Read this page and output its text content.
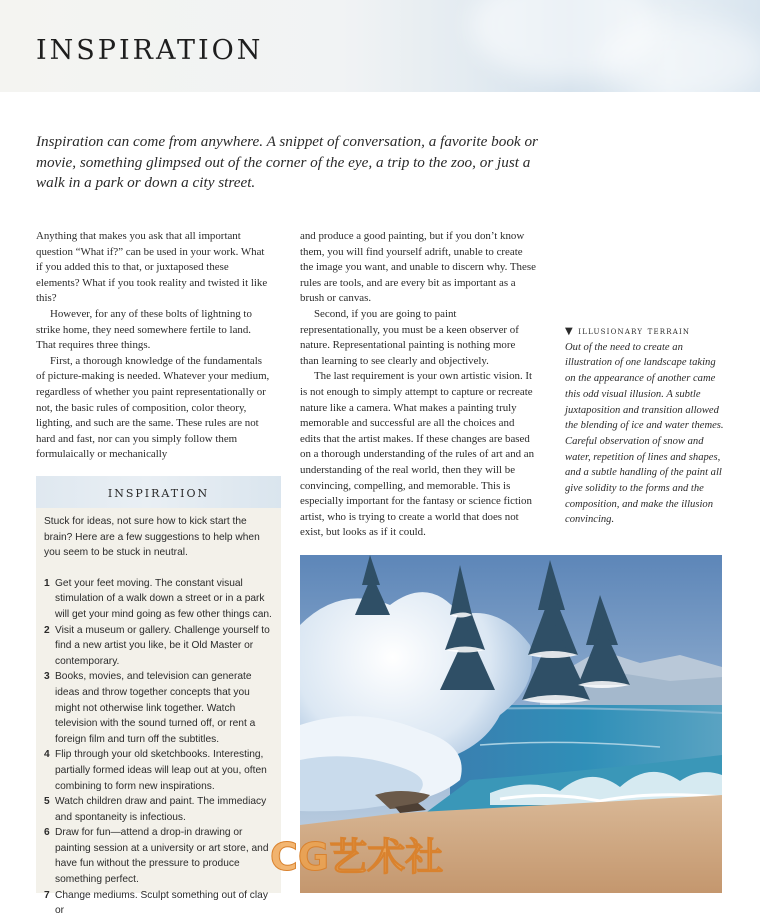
inspiration

Inspiration can come from anywhere. A snippet of conversation, a favorite book or movie, something glimpsed out of the corner of the eye, a trip to the zoo, or just a walk in a park or down a city street.

Anything that makes you ask that all important question “What if?” can be used in your work. What if you added this to that, or juxtaposed these elements? What if you took reality and twisted it like this?

However, for any of these bolts of lightning to strike home, they need somewhere fertile to land. That requires three things.

First, a thorough knowledge of the fundamentals of picture-making is needed. Whatever your medium, regardless of whether you paint representationally or not, the basic rules of composition, color theory, lighting, and such are the same. These rules are not hard and fast, nor can you simply follow them formulaically or mechanically

and produce a good painting, but if you don’t know them, you will find yourself adrift, unable to create the image you want, and unable to discern why. These rules are tools, and are every bit as important as a brush or canvas.

Second, if you are going to paint representationally, you must be a keen observer of nature. Representational painting is nothing more than learning to see clearly and objectively.

The last requirement is your own artistic vision. It is not enough to simply attempt to capture or recreate nature like a camera. What makes a painting truly memorable and successful are all the choices and edits that the artist makes. If these changes are based on a thorough understanding of the rules of art and an understanding of the real world, then they will be convincing, compelling, and memorable. This is especially important for the fantasy or science fiction artist, who is trying to create a world that does not exist, but looks as if it could.

inspiration

Stuck for ideas, not sure how to kick start the brain? Here are a few suggestions to help when you seem to be stuck in neutral.

1 Get your feet moving. The constant visual stimulation of a walk down a street or in a park will get your mind going as few other things can.
2 Visit a museum or gallery. Challenge yourself to find a new artist you like, be it Old Master or contemporary.
3 Books, movies, and television can generate ideas and throw together concepts that you might not otherwise link together. Watch television with the sound turned off, or rent a foreign film and turn off the subtitles.
4 Flip through your old sketchbooks. Interesting, partially formed ideas will leap out at you, often combining to form new inspirations.
5 Watch children draw and paint. The immediacy and spontaneity is infectious.
6 Draw for fun—attend a drop-in drawing or painting session at a university or art store, and have fun without the pressure to produce something perfect.
7 Change mediums. Sculpt something out of clay or
▼ illusionary terrain
Out of the need to create an illustration of one landscape taking on the appearance of another came this odd visual illusion. A subtle juxtaposition and transition allowed the blending of ice and water themes. Careful observation of snow and water, repetition of lines and shapes, and a subtle handling of the paint all give solidity to the forms and the composition, and make the illusion convincing.
CG艺术社
